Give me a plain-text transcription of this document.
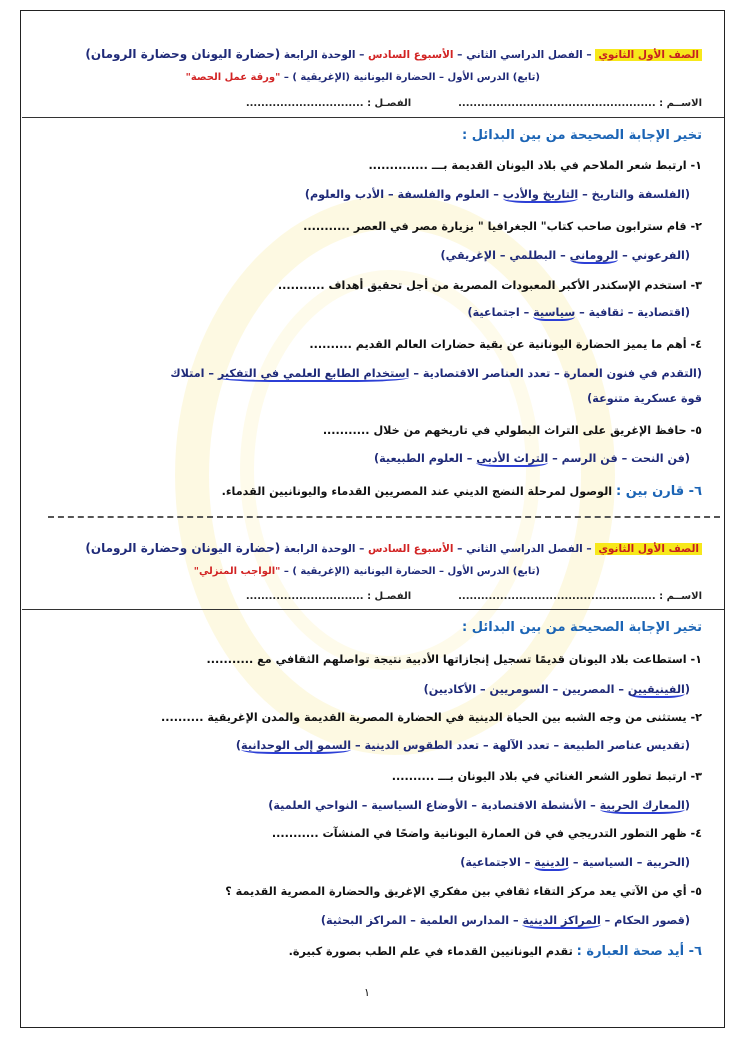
الصف الأول الثانوي – الفصل الدراسي الثاني – الأسبوع السادس – الوحدة الرابعة (حضارة اليونان وحضارة الرومان)
(تابع) الدرس الأول – الحضارة اليونانية (الإغريقية ) – "ورقة عمل الحصة"
الاســم : ....................................................  الفصـل : ...............................
تخير الإجابة الصحيحة من بين البدائل :
١- ارتبط شعر الملاحم في بلاد اليونان القديمة بـــ ..............
(الفلسفة والتاريخ – التاريخ والأدب – العلوم والفلسفة – الأدب والعلوم)
٢- قام سترابون صاحب كتاب" الجغرافيا " بزيارة مصر في العصر ...........
(الفرعوني – الروماني – البطلمي – الإغريقي)
٣- استخدم الإسكندر الأكبر المعبودات المصرية من أجل تحقيق أهداف ...........
(اقتصادية – ثقافية – سياسية – اجتماعية)
٤- أهم ما يميز الحضارة اليونانية عن بقية حضارات العالم القديم ..........
(التقدم في فنون العمارة – تعدد العناصر الاقتصادية – استخدام الطابع العلمي في التفكير – امتلاك
قوة عسكرية متنوعة)
٥- حافظ الإغريق على التراث البطولي في تاريخهم من خلال ...........
(فن النحت – فن الرسم – التراث الأدبي – العلوم الطبيعية)
٦- قارن بين : الوصول لمرحلة النضج الديني عند المصريين القدماء واليونانيين القدماء.
الصف الأول الثانوي – الفصل الدراسي الثاني – الأسبوع السادس – الوحدة الرابعة (حضارة اليونان وحضارة الرومان)
(تابع) الدرس الأول – الحضارة اليونانية (الإغريقية ) – "الواجب المنزلي"
الاســم : ....................................................  الفصـل : ...............................
تخير الإجابة الصحيحة من بين البدائل :
١- استطاعت بلاد اليونان قديمًا تسجيل إنجازاتها الأدبية نتيجة تواصلهم الثقافي مع ...........
(الفينيقيين – المصريين – السومريين – الأكاديين)
٢- يستثنى من وجه الشبه بين الحياة الدينية في الحضارة المصرية القديمة والمدن الإغريقية ..........
(تقديس عناصر الطبيعة – تعدد الآلهة – تعدد الطقوس الدينية – السمو إلى الوحدانية)
٣- ارتبط تطور الشعر الغنائي في بلاد اليونان بـــ ..........
(المعارك الحربية – الأنشطة الاقتصادية – الأوضاع السياسية – النواحي العلمية)
٤- ظهر التطور التدريجي في فن العمارة اليونانية واضحًا في المنشآت ...........
(الحربية – السياسية – الدينية – الاجتماعية)
٥- أي من الآتي يعد مركز التقاء ثقافي بين مفكري الإغريق والحضارة المصرية القديمة ؟
(قصور الحكام – المراكز الدينية – المدارس العلمية – المراكز البحثية)
٦- أيد صحة العبارة : تقدم اليونانيين القدماء في علم الطب بصورة كبيرة.
١
